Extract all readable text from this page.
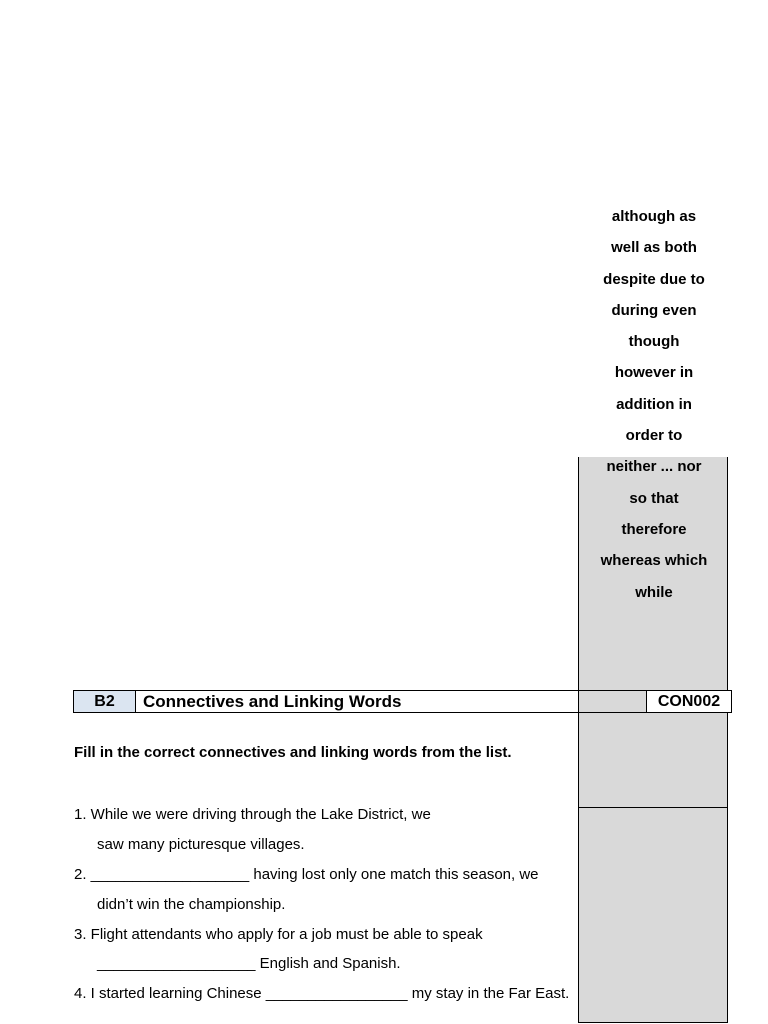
although as
well as both
despite due to
during even
though
however in
addition in
order to
neither ... nor
so that
therefore
whereas which
while
B2	Connectives and Linking Words	CON002
Fill in the correct connectives and linking words from the list.
1. While we were driving through the Lake District, we
saw many picturesque villages.
2. ___________________ having lost only one match this season, we
didn’t win the championship.
3. Flight attendants who apply for a job must be able to speak
___________________ English and Spanish.
4. I started learning Chinese _________________ my stay in the Far East.
